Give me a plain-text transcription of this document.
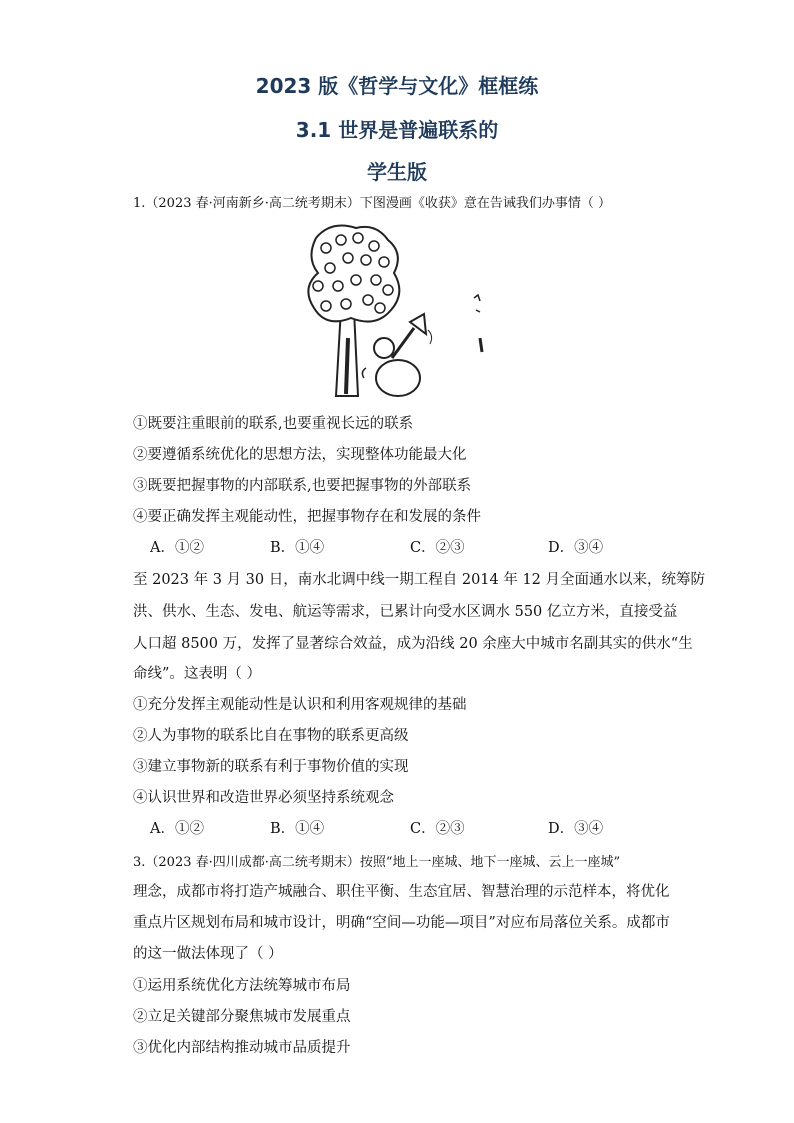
2023 版《哲学与文化》框框练
3.1 世界是普遍联系的
学生版
1.（2023 春·河南新乡·高二统考期末）下图漫画《收获》意在告诫我们办事情（ ）
①既要注重眼前的联系,也要重视长远的联系
②要遵循系统优化的思想方法，实现整体功能最大化
③既要把握事物的内部联系,也要把握事物的外部联系
④要正确发挥主观能动性，把握事物存在和发展的条件
A．①②	B．①④	C．②③	D．③④
至 2023 年 3 月 30 日，南水北调中线一期工程自 2014 年 12 月全面通水以来，统筹防
洪、供水、生态、发电、航运等需求，已累计向受水区调水 550 亿立方米，直接受益
人口超 8500 万，发挥了显著综合效益，成为沿线 20 余座大中城市名副其实的供水“生
命线”。这表明（ ）
①充分发挥主观能动性是认识和利用客观规律的基础
②人为事物的联系比自在事物的联系更高级
③建立事物新的联系有利于事物价值的实现
④认识世界和改造世界必须坚持系统观念
A．①②	B．①④	C．②③	D．③④
3.（2023 春·四川成都·高二统考期末）按照“地上一座城、地下一座城、云上一座城”
理念，成都市将打造产城融合、职住平衡、生态宜居、智慧治理的示范样本，将优化
重点片区规划布局和城市设计，明确“空间—功能—项目”对应布局落位关系。成都市
的这一做法体现了（ ）
①运用系统优化方法统筹城市布局
②立足关键部分聚焦城市发展重点
③优化内部结构推动城市品质提升
